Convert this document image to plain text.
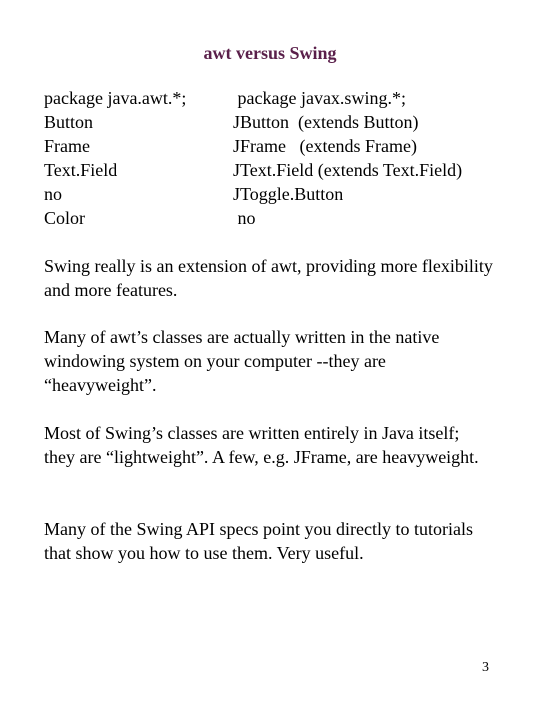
awt versus Swing
package java.awt.*;	package javax.swing.*;
Button	JButton  (extends Button)
Frame	JFrame   (extends Frame)
Text.Field	JText.Field (extends Text.Field)
no	JToggle.Button
Color	no

Swing really is an extension of awt, providing more flexibility and more features.

Many of awt’s classes are actually written in the native windowing system on your computer --they are “heavyweight”.

Most of Swing’s classes are written entirely in Java itself; they are “lightweight”. A few, e.g. JFrame, are heavyweight.

Many of the Swing API specs point you directly to tutorials that show you how to use them. Very useful.

3
